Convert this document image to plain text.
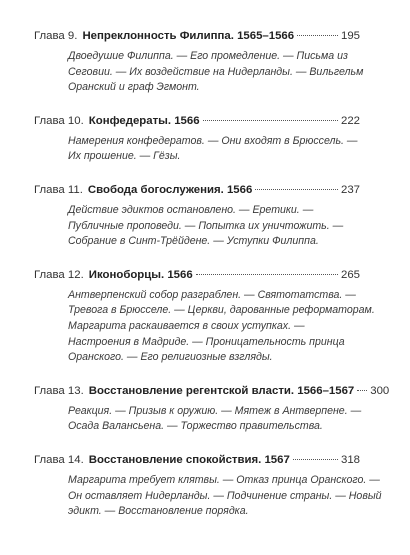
Глава 9. Непреклонность Филиппа. 1565–1566	195
Двоедушие Филиппа. — Его промедление. — Письма из
Сеговии. — Их воздействие на Нидерланды. — Вильгельм
Оранский и граф Эгмонт.
Глава 10. Конфедераты. 1566	222
Намерения конфедератов. — Они входят в Брюссель. —
Их прошение. — Гёзы.
Глава 11. Свобода богослужения. 1566	237
Действие эдиктов остановлено. — Еретики. —
Публичные проповеди. — Попытка их уничтожить. —
Собрание в Синт-Трёйдене. — Уступки Филиппа.
Глава 12. Иконоборцы. 1566	265
Антверпенский собор разграблен. — Святотатства. —
Тревога в Брюсселе. — Церкви, дарованные реформаторам.
Маргарита раскаивается в своих уступках. —
Настроения в Мадриде. — Проницательность принца
Оранского. — Его религиозные взгляды.
Глава 13. Восстановление регентской власти. 1566–1567 300
Реакция. — Призыв к оружию. — Мятеж в Антверпене. —
Осада Валансьена. — Торжество правительства.
Глава 14. Восстановление спокойствия. 1567	318
Маргарита требует клятвы. — Отказ принца Оранского. —
Он оставляет Нидерланды. — Подчинение страны. — Новый
эдикт. — Восстановление порядка.
